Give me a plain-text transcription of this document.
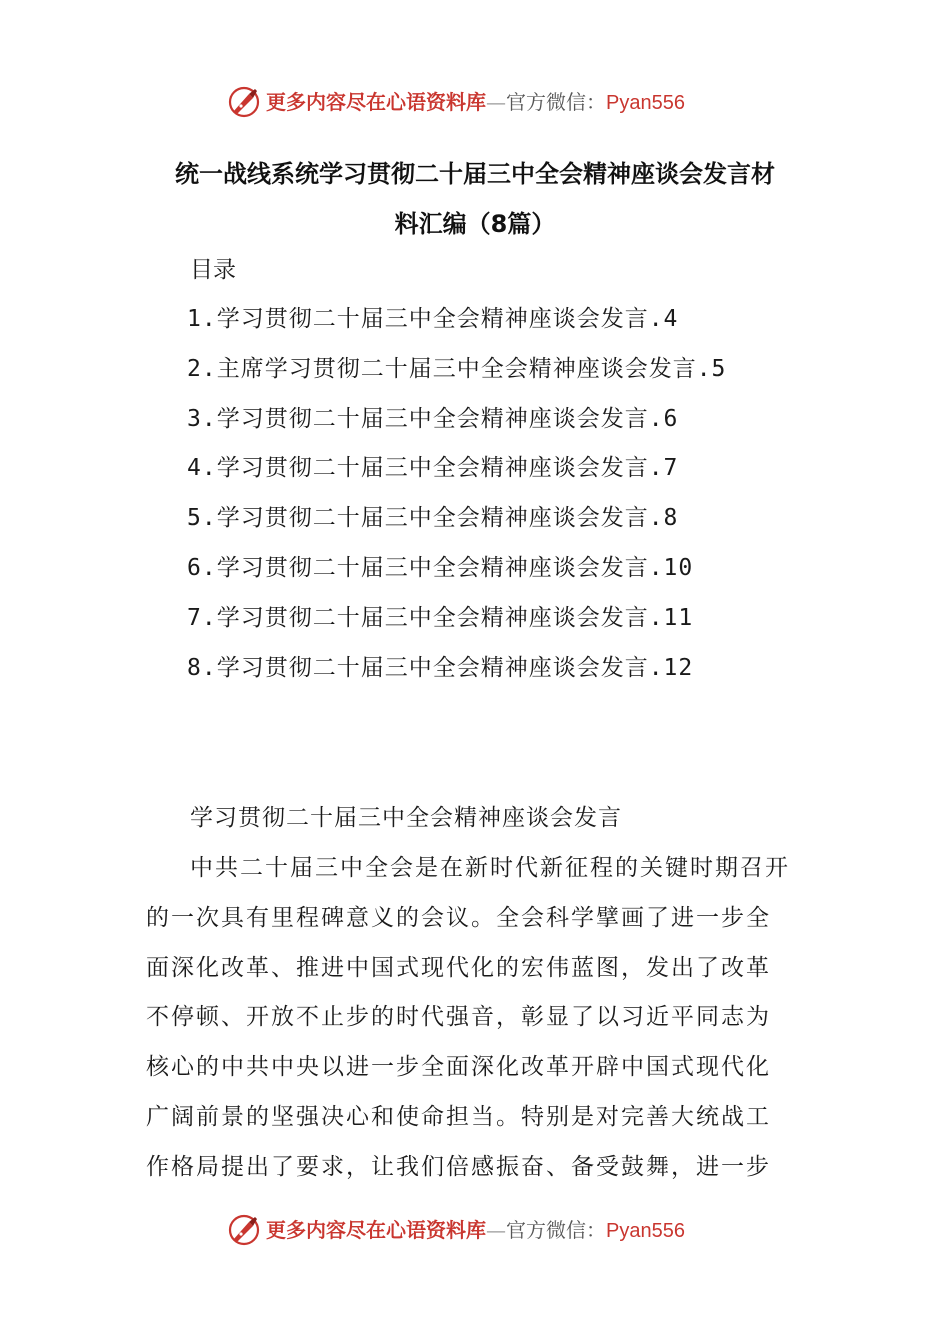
更多内容尽在心语资料库—官方微信：Pyan556
统一战线系统学习贯彻二十届三中全会精神座谈会发言材
料汇编（8篇）
目录
1.学习贯彻二十届三中全会精神座谈会发言.4
2.主席学习贯彻二十届三中全会精神座谈会发言.5
3.学习贯彻二十届三中全会精神座谈会发言.6
4.学习贯彻二十届三中全会精神座谈会发言.7
5.学习贯彻二十届三中全会精神座谈会发言.8
6.学习贯彻二十届三中全会精神座谈会发言.10
7.学习贯彻二十届三中全会精神座谈会发言.11
8.学习贯彻二十届三中全会精神座谈会发言.12
学习贯彻二十届三中全会精神座谈会发言

中共二十届三中全会是在新时代新征程的关键时期召开
的一次具有里程碑意义的会议。全会科学擘画了进一步全
面深化改革、推进中国式现代化的宏伟蓝图，发出了改革
不停顿、开放不止步的时代强音，彰显了以习近平同志为
核心的中共中央以进一步全面深化改革开辟中国式现代化
广阔前景的坚强决心和使命担当。特别是对完善大统战工
作格局提出了要求，让我们倍感振奋、备受鼓舞，进一步

更多内容尽在心语资料库—官方微信：Pyan556
